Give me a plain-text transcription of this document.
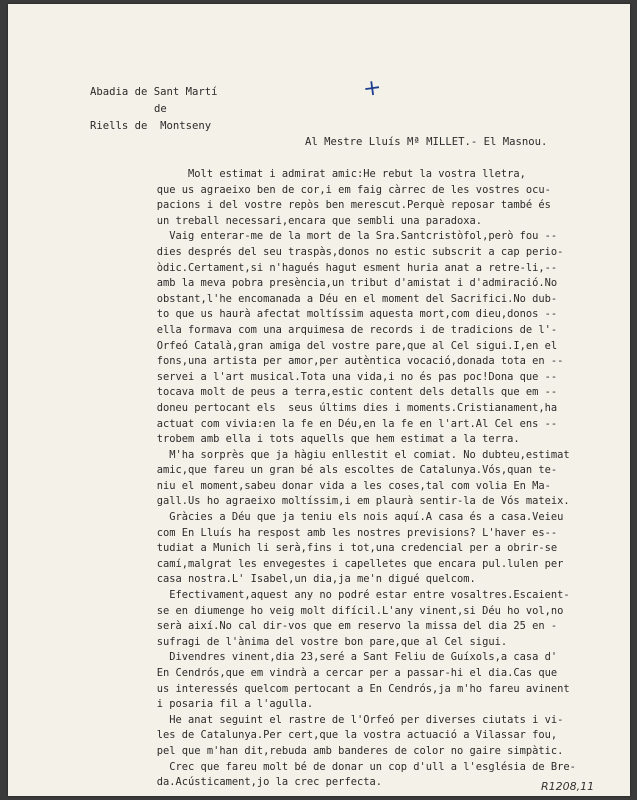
Abadia de Sant Martí
de
Riells de  Montseny
+
Al Mestre Lluís Mª MILLET.- El Masnou.
Molt estimat i admirat amic:He rebut la vostra lletra,
que us agraeixo ben de cor,i em faig càrrec de les vostres ocu-
pacions i del vostre repòs ben merescut.Perquè reposar també és
un treball necessari,encara que sembli una paradoxa.
Vaig enterar-me de la mort de la Sra.Santcristòfol,però fou --
dies després del seu traspàs,donos no estic subscrit a cap perio-
òdic.Certament,si n'hagués hagut esment huria anat a retre-li,--
amb la meva pobra presència,un tribut d'amistat i d'admiració.No
obstant,l'he encomanada a Déu en el moment del Sacrifici.No dub-
to que us haurà afectat moltíssim aquesta mort,com dieu,donos --
ella formava com una arquimesa de records i de tradicions de l'-
Orfeó Català,gran amiga del vostre pare,que al Cel sigui.I,en el
fons,una artista per amor,per autèntica vocació,donada tota en --
servei a l'art musical.Tota una vida,i no és pas poc!Dona que --
tocava molt de peus a terra,estic content dels detalls que em --
doneu pertocant els  seus últims dies i moments.Cristianament,ha
actuat com vivia:en la fe en Déu,en la fe en l'art.Al Cel ens --
trobem amb ella i tots aquells que hem estimat a la terra.
M'ha sorprès que ja hàgiu enllestit el comiat. No dubteu,estimat
amic,que fareu un gran bé als escoltes de Catalunya.Vós,quan te-
niu el moment,sabeu donar vida a les coses,tal com volia En Ma-
gall.Us ho agraeixo moltíssim,i em plaurà sentir-la de Vós mateix.
Gràcies a Déu que ja teniu els nois aquí.A casa és a casa.Veieu
com En Lluís ha respost amb les nostres previsions? L'haver es--
tudiat a Munich li serà,fins i tot,una credencial per a obrir-se
camí,malgrat les envegestes i capelletes que encara pul.lulen per
casa nostra.L' Isabel,un dia,ja me'n digué quelcom.
Efectivament,aquest any no podré estar entre vosaltres.Escaient-
se en diumenge ho veig molt difícil.L'any vinent,si Déu ho vol,no
serà així.No cal dir-vos que em reservo la missa del dia 25 en -
sufragi de l'ànima del vostre bon pare,que al Cel sigui.
Divendres vinent,dia 23,seré a Sant Feliu de Guíxols,a casa d'
En Cendrós,que em vindrà a cercar per a passar-hi el dia.Cas que
us interessés quelcom pertocant a En Cendrós,ja m'ho fareu avinent
i posaria fil a l'agulla.
He anat seguint el rastre de l'Orfeó per diverses ciutats i vi-
les de Catalunya.Per cert,que la vostra actuació a Vilassar fou,
pel que m'han dit,rebuda amb banderes de color no gaire simpàtic.
Crec que fareu molt bé de donar un cop d'ull a l'església de Bre-
da.Acústicament,jo la crec perfecta.	R1208,11
